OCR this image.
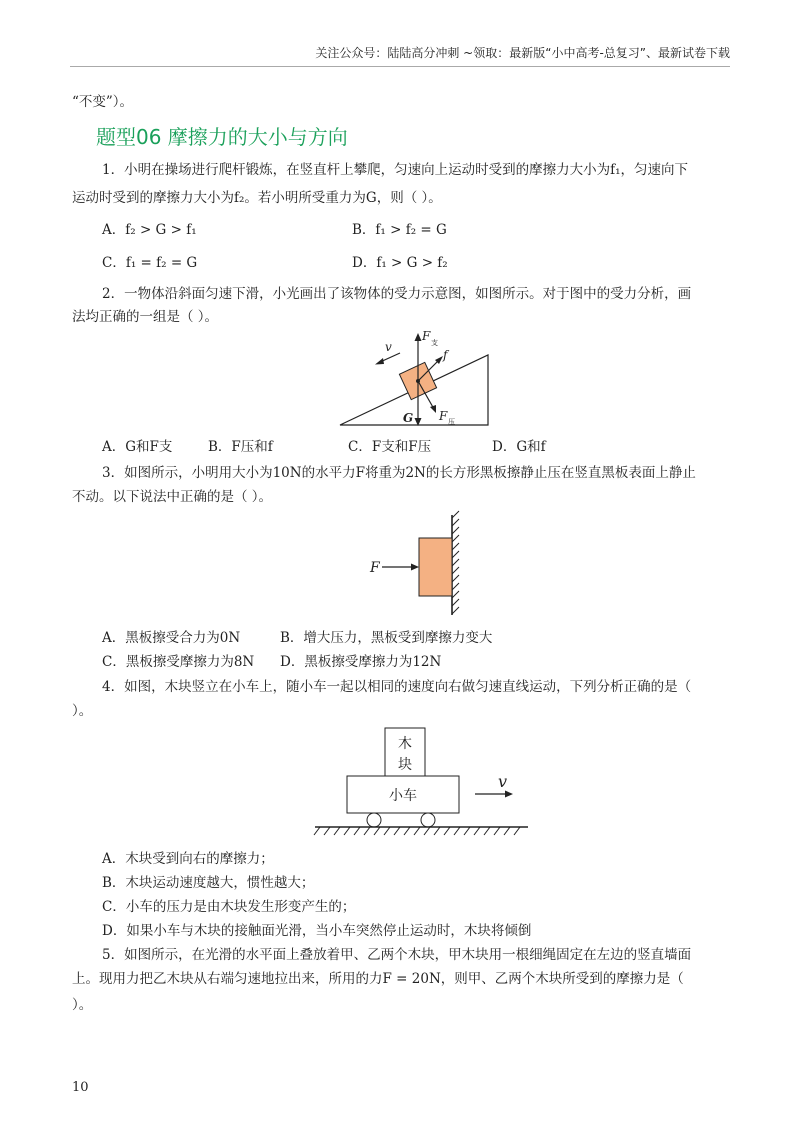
关注公众号：陆陆高分冲刺 ~领取：最新版“小中高考-总复习”、最新试卷下载
“不变”）。
题型06 摩擦力的大小与方向
1．小明在操场进行爬杆锻炼，在竖直杆上攀爬，匀速向上运动时受到的摩擦力大小为f₁，匀速向下
运动时受到的摩擦力大小为f₂。若小明所受重力为G，则（ ）。
A．f₂ > G > f₁	B．f₁ > f₂ = G
C．f₁ = f₂ = G	D．f₁ > G > f₂
2．一物体沿斜面匀速下滑，小光画出了该物体的受力示意图，如图所示。对于图中的受力分析，画
法均正确的一组是（ ）。
v
F 支
f
G F 压
A．G和F支	B．F压和f	C．F支和F压	D．G和f
3．如图所示，小明用大小为10N的水平力F将重为2N的长方形黑板擦静止压在竖直黑板表面上静止
不动。以下说法中正确的是（ ）。
F
A．黑板擦受合力为0N	B．增大压力，黑板受到摩擦力变大
C．黑板擦受摩擦力为8N D．黑板擦受摩擦力为12N
4．如图，木块竖立在小车上，随小车一起以相同的速度向右做匀速直线运动，下列分析正确的是（
）。
木
块
小车
v
A．木块受到向右的摩擦力；
B．木块运动速度越大，惯性越大；
C．小车的压力是由木块发生形变产生的；
D．如果小车与木块的接触面光滑，当小车突然停止运动时，木块将倾倒
5．如图所示，在光滑的水平面上叠放着甲、乙两个木块，甲木块用一根细绳固定在左边的竖直墙面
上。现用力把乙木块从右端匀速地拉出来，所用的力F = 20N，则甲、乙两个木块所受到的摩擦力是（
）。
10
